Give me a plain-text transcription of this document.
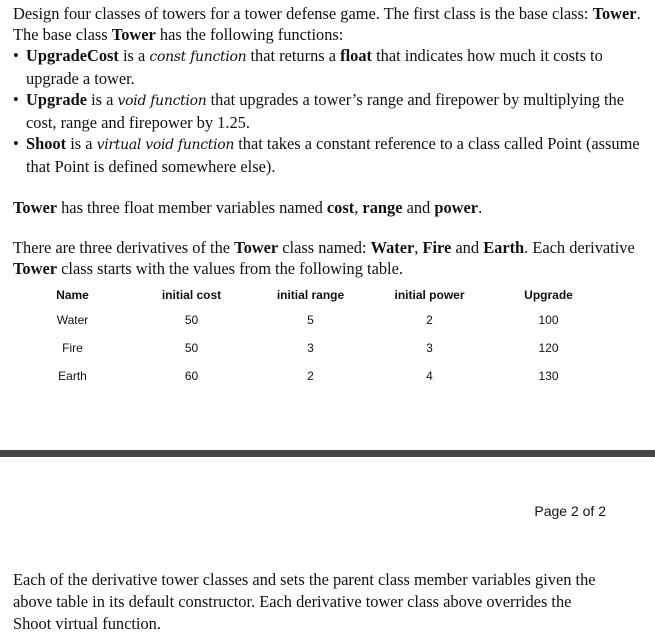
Design four classes of towers for a tower defense game. The first class is the base class: Tower. The base class Tower has the following functions:
• UpgradeCost is a const function that returns a float that indicates how much it costs to upgrade a tower.
• Upgrade is a void function that upgrades a tower’s range and firepower by multiplying the cost, range and firepower by 1.25.
• Shoot is a virtual void function that takes a constant reference to a class called Point (assume that Point is defined somewhere else).
Tower has three float member variables named cost, range and power.
There are three derivatives of the Tower class named: Water, Fire and Earth. Each derivative Tower class starts with the values from the following table.
Name	initial cost	initial range	initial power	Upgrade
Water	50	5	2	100
Fire	50	3	3	120
Earth	60	2	4	130
Page 2 of 2
Each of the derivative tower classes and sets the parent class member variables given the above table in its default constructor. Each derivative tower class above overrides the Shoot virtual function.
